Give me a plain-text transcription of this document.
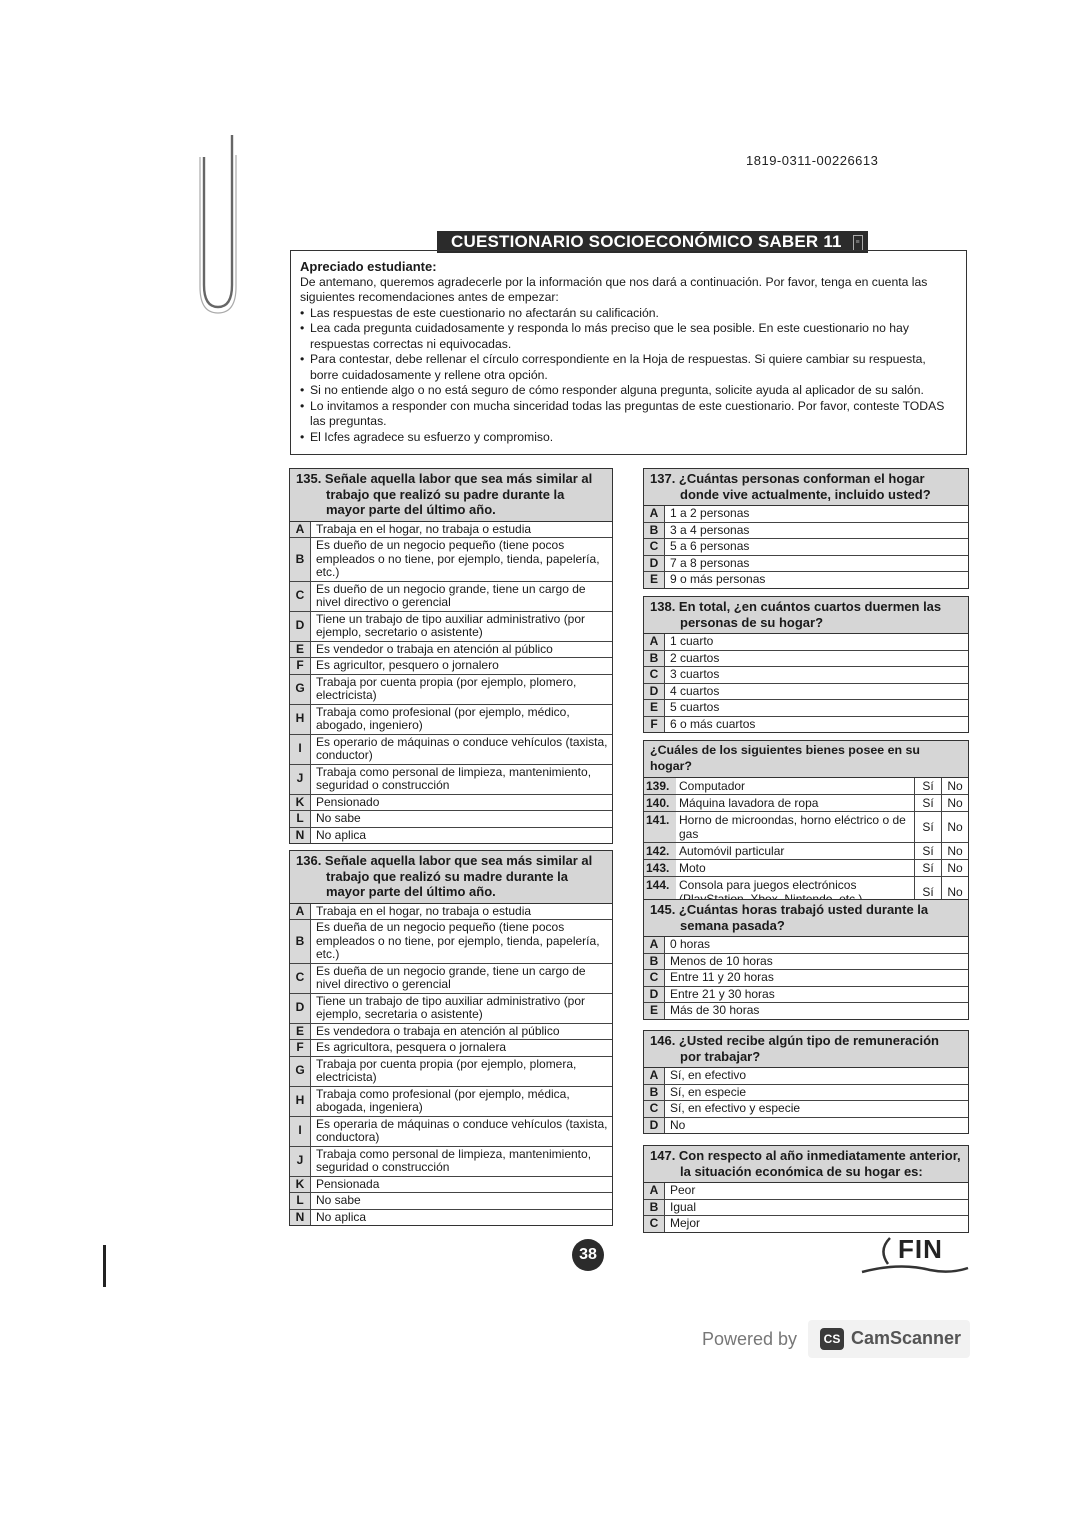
1819-0311-00226613
CUESTIONARIO SOCIOECONÓMICO SABER 11	≡
Apreciado estudiante:

De antemano, queremos agradecerle por la información que nos dará a continuación. Por favor, tenga en cuenta las siguientes recomendaciones antes de empezar:

• Las respuestas de este cuestionario no afectarán su calificación.
• Lea cada pregunta cuidadosamente y responda lo más preciso que le sea posible. En este cuestionario no hay respuestas correctas ni equivocadas.
• Para contestar, debe rellenar el círculo correspondiente en la Hoja de respuestas. Si quiere cambiar su respuesta, borre cuidadosamente y rellene otra opción.
• Si no entiende algo o no está seguro de cómo responder alguna pregunta, solicite ayuda al aplicador de su salón.
• Lo invitamos a responder con mucha sinceridad todas las preguntas de este cuestionario. Por favor, conteste TODAS las preguntas.
• El Icfes agradece su esfuerzo y compromiso.
135. Señale aquella labor que sea más similar al trabajo que realizó su padre durante la mayor parte del último año.
A Trabaja en el hogar, no trabaja o estudia
B
Es dueño de un negocio pequeño (tiene pocos empleados o no tiene, por ejemplo, tienda, papelería, etc.)
C Es dueño de un negocio grande, tiene un cargo de nivel directivo o gerencial
D Tiene un trabajo de tipo auxiliar administrativo (por ejemplo, secretario o asistente)
E	Es vendedor o trabaja en atención al público
F	Es agricultor, pesquero o jornalero
G Trabaja por cuenta propia (por ejemplo, plomero, electricista)
H Trabaja como profesional (por ejemplo, médico, abogado, ingeniero)
I	Es operario de máquinas o conduce vehículos (taxista, conductor)
J	Trabaja como personal de limpieza, mantenimiento, seguridad o construcción
K Pensionado
L	No sabe
N No aplica
136. Señale aquella labor que sea más similar al trabajo que realizó su madre durante la mayor parte del último año.
A Trabaja en el hogar, no trabaja o estudia
B
Es dueña de un negocio pequeño (tiene pocos empleados o no tiene, por ejemplo, tienda, papelería, etc.)
C Es dueña de un negocio grande, tiene un cargo de nivel directivo o gerencial
D Tiene un trabajo de tipo auxiliar administrativo (por ejemplo, secretaria o asistente)
E	Es vendedora o trabaja en atención al público
F	Es agricultora, pesquera o jornalera
G Trabaja por cuenta propia (por ejemplo, plomera, electricista)
H Trabaja como profesional (por ejemplo, médica, abogada, ingeniera)
I	Es operaria de máquinas o conduce vehículos (taxista, conductora)
J	Trabaja como personal de limpieza, mantenimiento, seguridad o construcción
K Pensionada
L	No sabe
N No aplica
137. ¿Cuántas personas conforman el hogar donde vive actualmente, incluido usted?
A 1 a 2 personas
B 3 a 4 personas
C 5 a 6 personas
D 7 a 8 personas
E	9 o más personas
138. En total, ¿en cuántos cuartos duermen las personas de su hogar?
A 1 cuarto
B 2 cuartos
C 3 cuartos
D 4 cuartos
E	5 cuartos
F	6 o más cuartos
¿Cuáles de los siguientes bienes posee en su hogar?
139. Computador	Sí	No
140. Máquina lavadora de ropa	Sí	No
141. Horno de microondas, horno eléctrico o de gas	Sí	No
142. Automóvil particular	Sí	No
143. Moto	Sí	No
144. Consola para juegos electrónicos	Sí	No
145. ¿Cuántas horas trabajó usted durante la semana pasada?
A 0 horas
B Menos de 10 horas
C Entre 11 y 20 horas
D Entre 21 y 30 horas
E	Más de 30 horas
146. ¿Usted recibe algún tipo de remuneración por trabajar?
A Sí, en efectivo
B Sí, en especie
C Sí, en efectivo y especie
D No
147. Con respecto al año inmediatamente anterior, la situación económica de su hogar es:
A Peor
B Igual
C Mejor
38	FIN
Powered by	CS CamScanner
